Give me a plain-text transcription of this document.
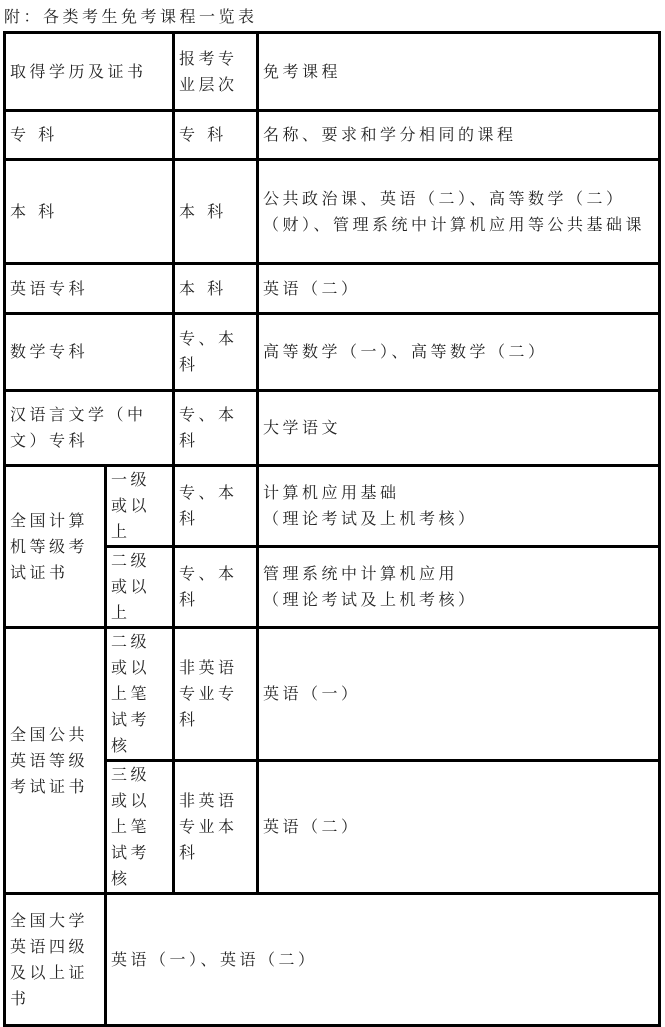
附：各类考生免考课程一览表
取得学历及证书		报考专业层次	免考课程
专 科		专 科	名称、要求和学分相同的课程
本 科		本 科	公共政治课、英语（二）、高等数学（二）（财）、管理系统中计算机应用等公共基础课
英语专科		本 科	英语（二）
数学专科		专、本科	高等数学（一）、高等数学（二）
汉语言文学（中文）专科		专、本科	大学语文
全国计算机等级考试证书	一级或以上	专、本科	计算机应用基础
（理论考试及上机考核）

	二级或以上	专、本科	管理系统中计算机应用
（理论考试及上机考核）

全国公共英语等级考试证书	二级或以上笔试考核	非英语专业专科	英语（一）
	三级或以上笔试考核	非英语专业本科	英语（二）
全国大学英语四级及以上证书	英语（一）、英语（二）		
